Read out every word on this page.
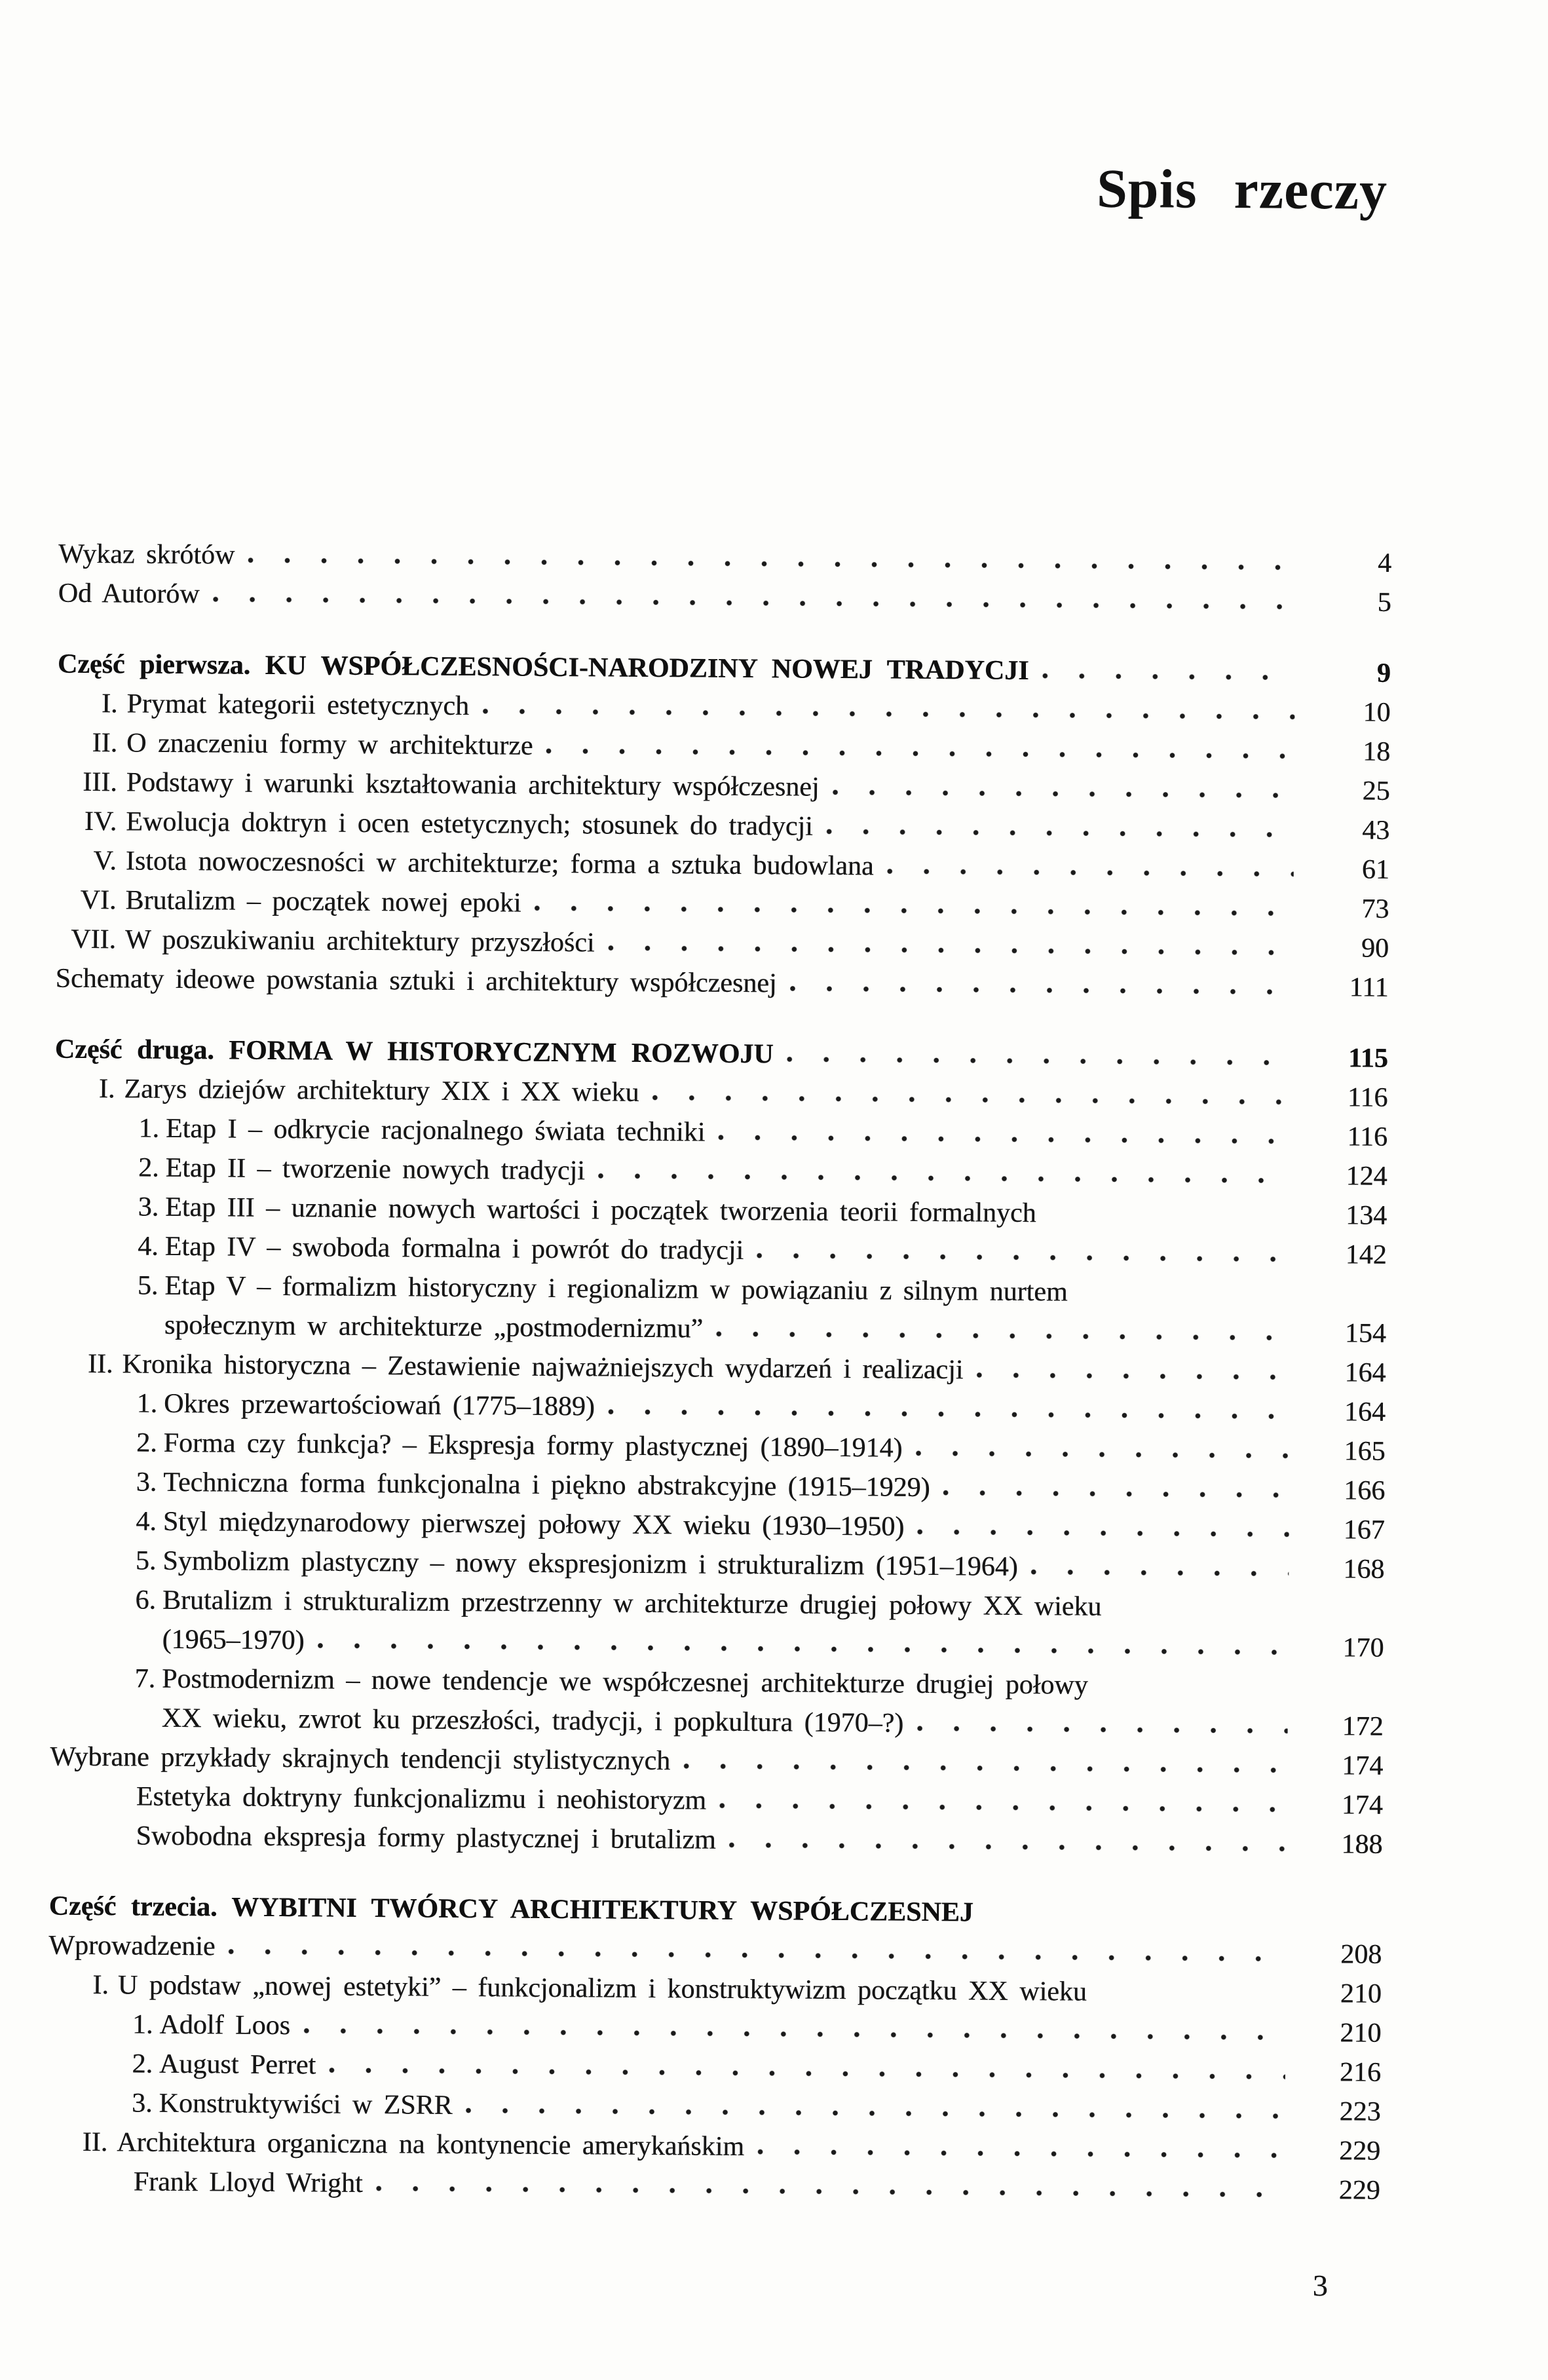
Spis rzeczy
Wykaz skrótów	4
Od Autorów	5
Część pierwsza. KU WSPÓŁCZESNOŚCI-NARODZINY NOWEJ TRADYCJI	9
I. Prymat kategorii estetycznych	10
II. O znaczeniu formy w architekturze	18
III. Podstawy i warunki kształtowania architektury współczesnej	25
IV. Ewolucja doktryn i ocen estetycznych; stosunek do tradycji	43
V. Istota nowoczesności w architekturze; forma a sztuka budowlana	61
VI. Brutalizm – początek nowej epoki	73
VII. W poszukiwaniu architektury przyszłości	90
Schematy ideowe powstania sztuki i architektury współczesnej	111
Część druga. FORMA W HISTORYCZNYM ROZWOJU	115
I. Zarys dziejów architektury XIX i XX wieku	116
1. Etap I – odkrycie racjonalnego świata techniki	116
2. Etap II – tworzenie nowych tradycji	124
3. Etap III – uznanie nowych wartości i początek tworzenia teorii formalnych	134
4. Etap IV – swoboda formalna i powrót do tradycji	142
5. Etap V – formalizm historyczny i regionalizm w powiązaniu z silnym nurtem
społecznym w architekturze „postmodernizmu”	154
II. Kronika historyczna – Zestawienie najważniejszych wydarzeń i realizacji	164
1. Okres przewartościowań (1775–1889)	164
2. Forma czy funkcja? – Ekspresja formy plastycznej (1890–1914)	165
3. Techniczna forma funkcjonalna i piękno abstrakcyjne (1915–1929)	166
4. Styl międzynarodowy pierwszej połowy XX wieku (1930–1950)	167
5. Symbolizm plastyczny – nowy ekspresjonizm i strukturalizm (1951–1964)	168
6. Brutalizm i strukturalizm przestrzenny w architekturze drugiej połowy XX wieku
(1965–1970)	170
7. Postmodernizm – nowe tendencje we współczesnej architekturze drugiej połowy
XX wieku, zwrot ku przeszłości, tradycji, i popkultura (1970–?)	172
Wybrane przykłady skrajnych tendencji stylistycznych	174
Estetyka doktryny funkcjonalizmu i neohistoryzm	174
Swobodna ekspresja formy plastycznej i brutalizm	188
Część trzecia. WYBITNI TWÓRCY ARCHITEKTURY WSPÓŁCZESNEJ
Wprowadzenie	208
I. U podstaw „nowej estetyki” – funkcjonalizm i konstruktywizm początku XX wieku	210
1. Adolf Loos	210
2. August Perret	216
3. Konstruktywiści w ZSRR	223
II. Architektura organiczna na kontynencie amerykańskim	229
Frank Lloyd Wright	229
3
